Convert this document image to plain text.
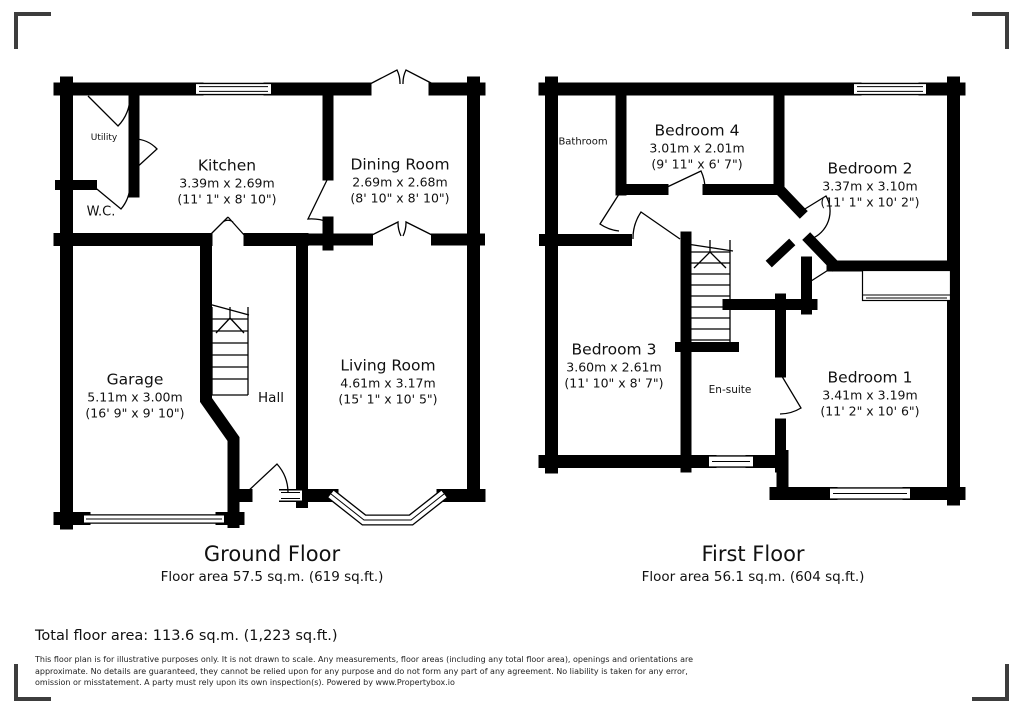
Utility
W.C.
Kitchen
3.39m x 2.69m
(11' 1" x 8' 10")
Dining Room
2.69m x 2.68m
(8' 10" x 8' 10")
Garage
5.11m x 3.00m
(16' 9" x 9' 10")
Hall
Living Room
4.61m x 3.17m
(15' 1" x 10' 5")
Bathroom
Bedroom 4
3.01m x 2.01m
(9' 11" x 6' 7")	Bedroom 2
3.37m x 3.10m
(11' 1" x 10' 2")
Bedroom 3
3.60m x 2.61m
(11' 10" x 8' 7")	En-suite
Bedroom 1
3.41m x 3.19m
(11' 2" x 10' 6")
Ground Floor
Floor area 57.5 sq.m. (619 sq.ft.)
First Floor
Floor area 56.1 sq.m. (604 sq.ft.)
Total floor area: 113.6 sq.m. (1,223 sq.ft.)
This floor plan is for illustrative purposes only. It is not drawn to scale. Any measurements, floor areas (including any total floor area), openings and orientations are
approximate. No details are guaranteed, they cannot be relied upon for any purpose and do not form any part of any agreement. No liability is taken for any error,
omission or misstatement. A party must rely upon its own inspection(s). Powered by www.Propertybox.io
